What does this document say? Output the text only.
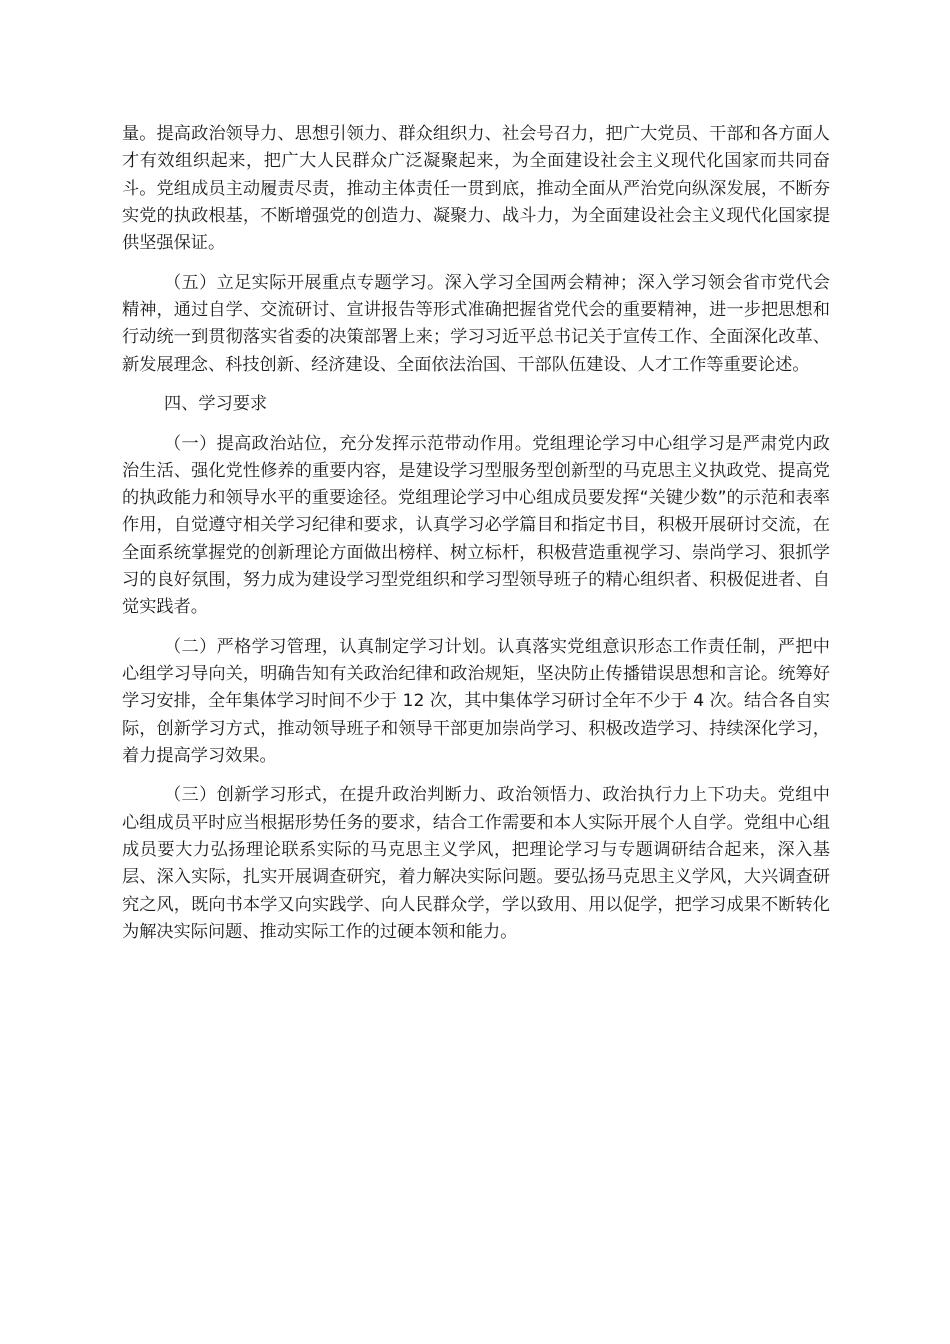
量。提高政治领导力、思想引领力、群众组织力、社会号召力，把广大党员、干部和各方面人才有效组织起来，把广大人民群众广泛凝聚起来，为全面建设社会主义现代化国家而共同奋斗。党组成员主动履责尽责，推动主体责任一贯到底，推动全面从严治党向纵深发展，不断夯实党的执政根基，不断增强党的创造力、凝聚力、战斗力，为全面建设社会主义现代化国家提供坚强保证。

（五）立足实际开展重点专题学习。深入学习全国两会精神；深入学习领会省市党代会精神，通过自学、交流研讨、宣讲报告等形式准确把握省党代会的重要精神，进一步把思想和行动统一到贯彻落实省委的决策部署上来；学习习近平总书记关于宣传工作、全面深化改革、新发展理念、科技创新、经济建设、全面依法治国、干部队伍建设、人才工作等重要论述。

四、学习要求

（一）提高政治站位，充分发挥示范带动作用。党组理论学习中心组学习是严肃党内政治生活、强化党性修养的重要内容，是建设学习型服务型创新型的马克思主义执政党、提高党的执政能力和领导水平的重要途径。党组理论学习中心组成员要发挥“关键少数”的示范和表率作用，自觉遵守相关学习纪律和要求，认真学习必学篇目和指定书目，积极开展研讨交流，在全面系统掌握党的创新理论方面做出榜样、树立标杆，积极营造重视学习、崇尚学习、狠抓学习的良好氛围，努力成为建设学习型党组织和学习型领导班子的精心组织者、积极促进者、自觉实践者。

（二）严格学习管理，认真制定学习计划。认真落实党组意识形态工作责任制，严把中心组学习导向关，明确告知有关政治纪律和政治规矩，坚决防止传播错误思想和言论。统筹好学习安排，全年集体学习时间不少于 12 次，其中集体学习研讨全年不少于 4 次。结合各自实际，创新学习方式，推动领导班子和领导干部更加崇尚学习、积极改造学习、持续深化学习，着力提高学习效果。

（三）创新学习形式，在提升政治判断力、政治领悟力、政治执行力上下功夫。党组中心组成员平时应当根据形势任务的要求，结合工作需要和本人实际开展个人自学。党组中心组成员要大力弘扬理论联系实际的马克思主义学风，把理论学习与专题调研结合起来，深入基层、深入实际，扎实开展调查研究，着力解决实际问题。要弘扬马克思主义学风，大兴调查研究之风，既向书本学又向实践学、向人民群众学，学以致用、用以促学，把学习成果不断转化为解决实际问题、推动实际工作的过硬本领和能力。
